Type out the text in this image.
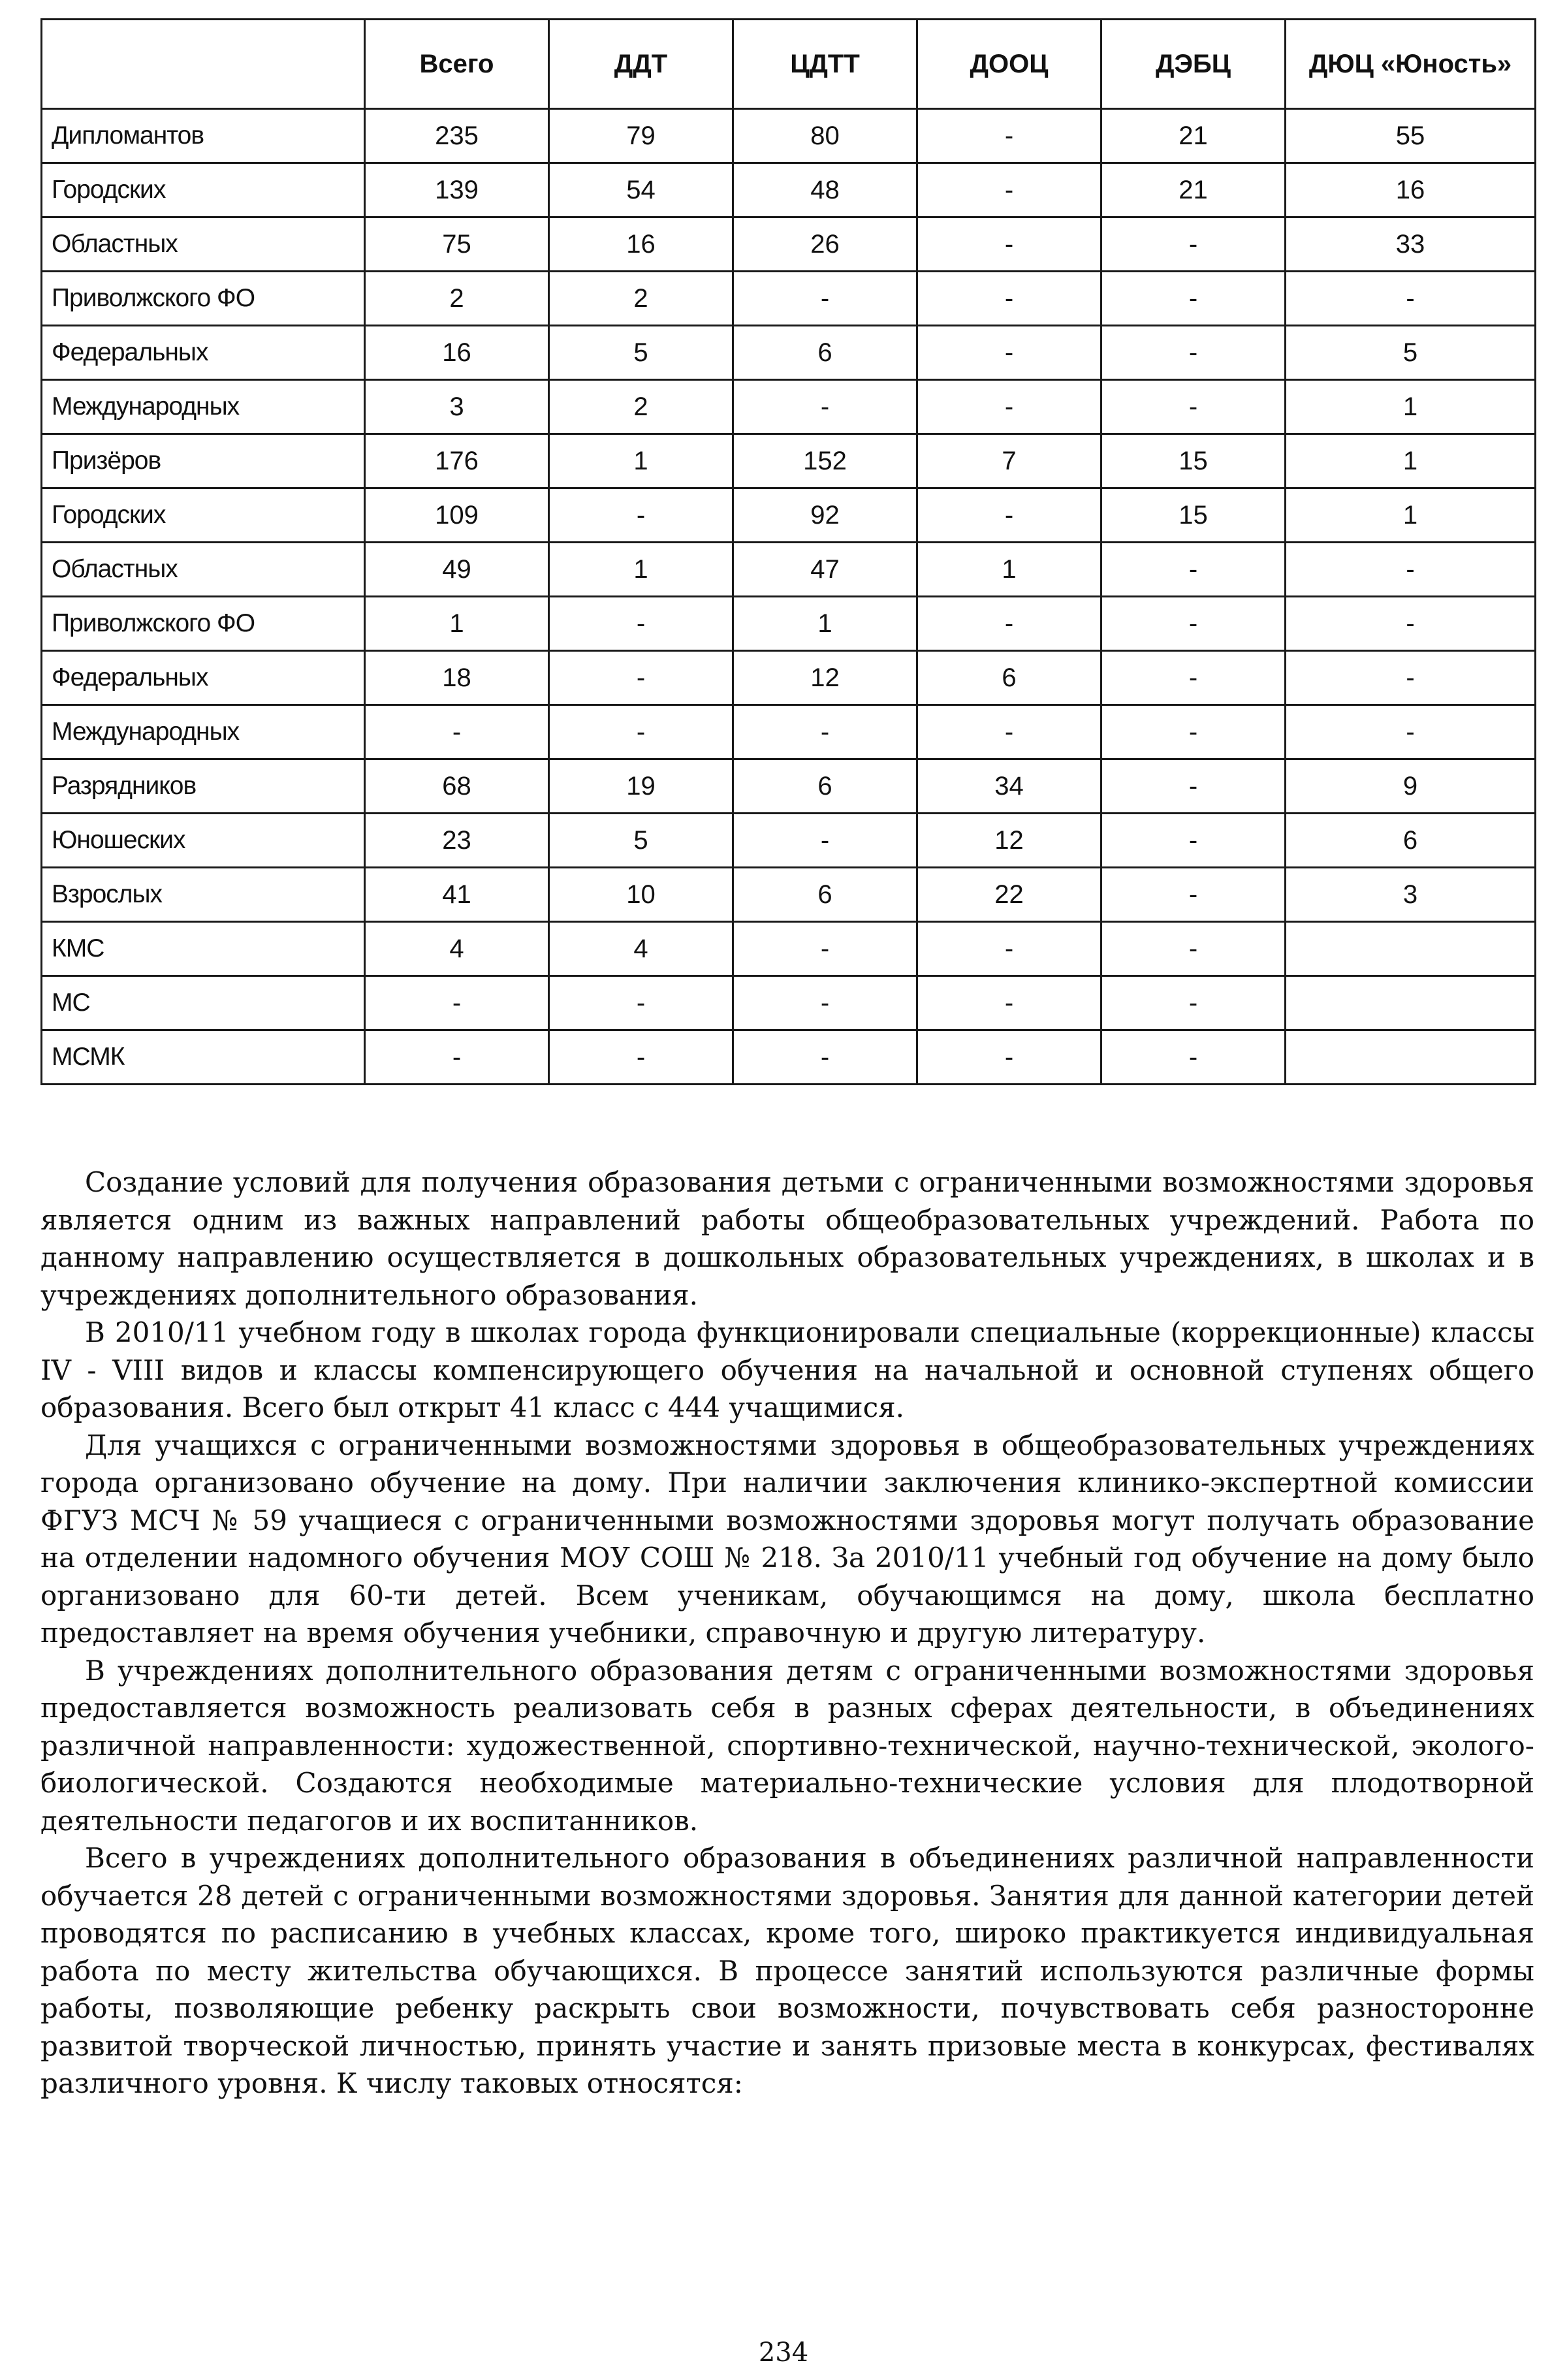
	Всего	ДДТ	ЦДТТ	ДООЦ	ДЭБЦ	ДЮЦ «Юность»
Дипломантов	235	79	80	-	21	55
Городских	139	54	48	-	21	16
Областных	75	16	26	-	-	33
Приволжского ФО	2	2	-	-	-	-
Федеральных	16	5	6	-	-	5
Международных	3	2	-	-	-	1
Призёров	176	1	152	7	15	1
Городских	109	-	92	-	15	1
Областных	49	1	47	1	-	-
Приволжского ФО	1	-	1	-	-	-
Федеральных	18	-	12	6	-	-
Международных	-	-	-	-	-	-
Разрядников	68	19	6	34	-	9
Юношеских	23	5	-	12	-	6
Взрослых	41	10	6	22	-	3
КМС	4	4	-	-	-	
МС	-	-	-	-	-	
МСМК	-	-	-	-	-	

Создание условий для получения образования детьми с ограниченными возможностями здоровья является одним из важных направлений работы общеобразовательных учреждений. Работа по данному направлению осуществляется в дошкольных образовательных учреждениях, в школах и в учреждениях дополнительного образования.

В 2010/11 учебном году в школах города функционировали специальные (коррекционные) классы IV - VIII видов и классы компенсирующего обучения на начальной и основной ступенях общего образования. Всего был открыт 41 класс с 444 учащимися.

Для учащихся с ограниченными возможностями здоровья в общеобразовательных учреждениях города организовано обучение на дому. При наличии заключения клинико-экспертной комиссии ФГУЗ МСЧ № 59 учащиеся с ограниченными возможностями здоровья могут получать образование на отделении надомного обучения МОУ СОШ № 218. За 2010/11 учебный год обучение на дому было организовано для 60-ти детей. Всем ученикам, обучающимся на дому, школа бесплатно предоставляет на время обучения учебники, справочную и другую литературу.

В учреждениях дополнительного образования детям с ограниченными возможностями здоровья предоставляется возможность реализовать себя в разных сферах деятельности, в объединениях различной направленности: художественной, спортивно-технической, научно-технической, эколого-биологической. Создаются необходимые материально-технические условия для плодотворной деятельности педагогов и их воспитанников.

Всего в учреждениях дополнительного образования в объединениях различной направленности обучается 28 детей с ограниченными возможностями здоровья. Занятия для данной категории детей проводятся по расписанию в учебных классах, кроме того, широко практикуется индивидуальная работа по месту жительства обучающихся. В процессе занятий используются различные формы работы, позволяющие ребенку раскрыть свои возможности, почувствовать себя разносторонне развитой творческой личностью, принять участие и занять призовые места в конкурсах, фестивалях различного уровня. К числу таковых относятся:

234
